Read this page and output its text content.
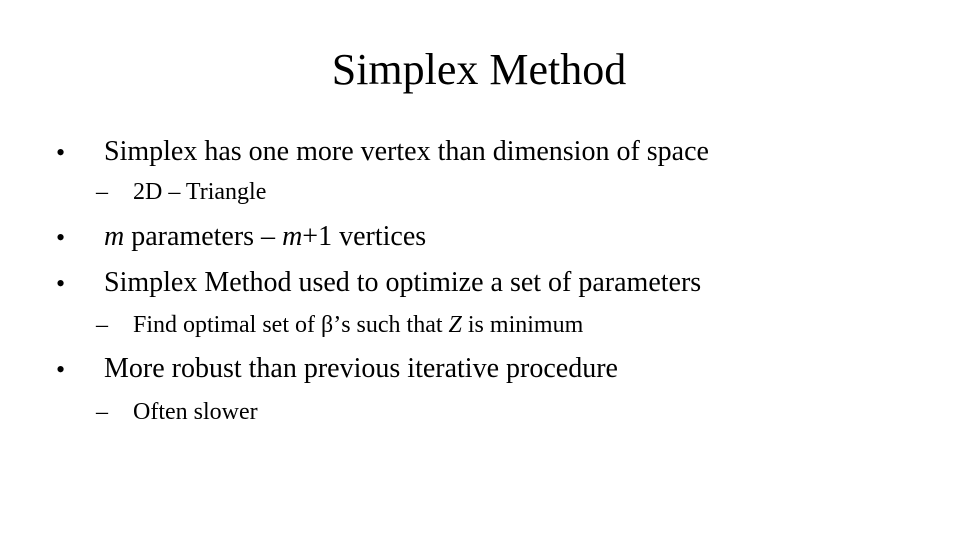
Simplex Method
• Simplex has one more vertex than dimension of space
– 2D – Triangle
• m parameters – m+1 vertices
• Simplex Method used to optimize a set of parameters
– Find optimal set of β’s such that Z is minimum
• More robust than previous iterative procedure
– Often slower
